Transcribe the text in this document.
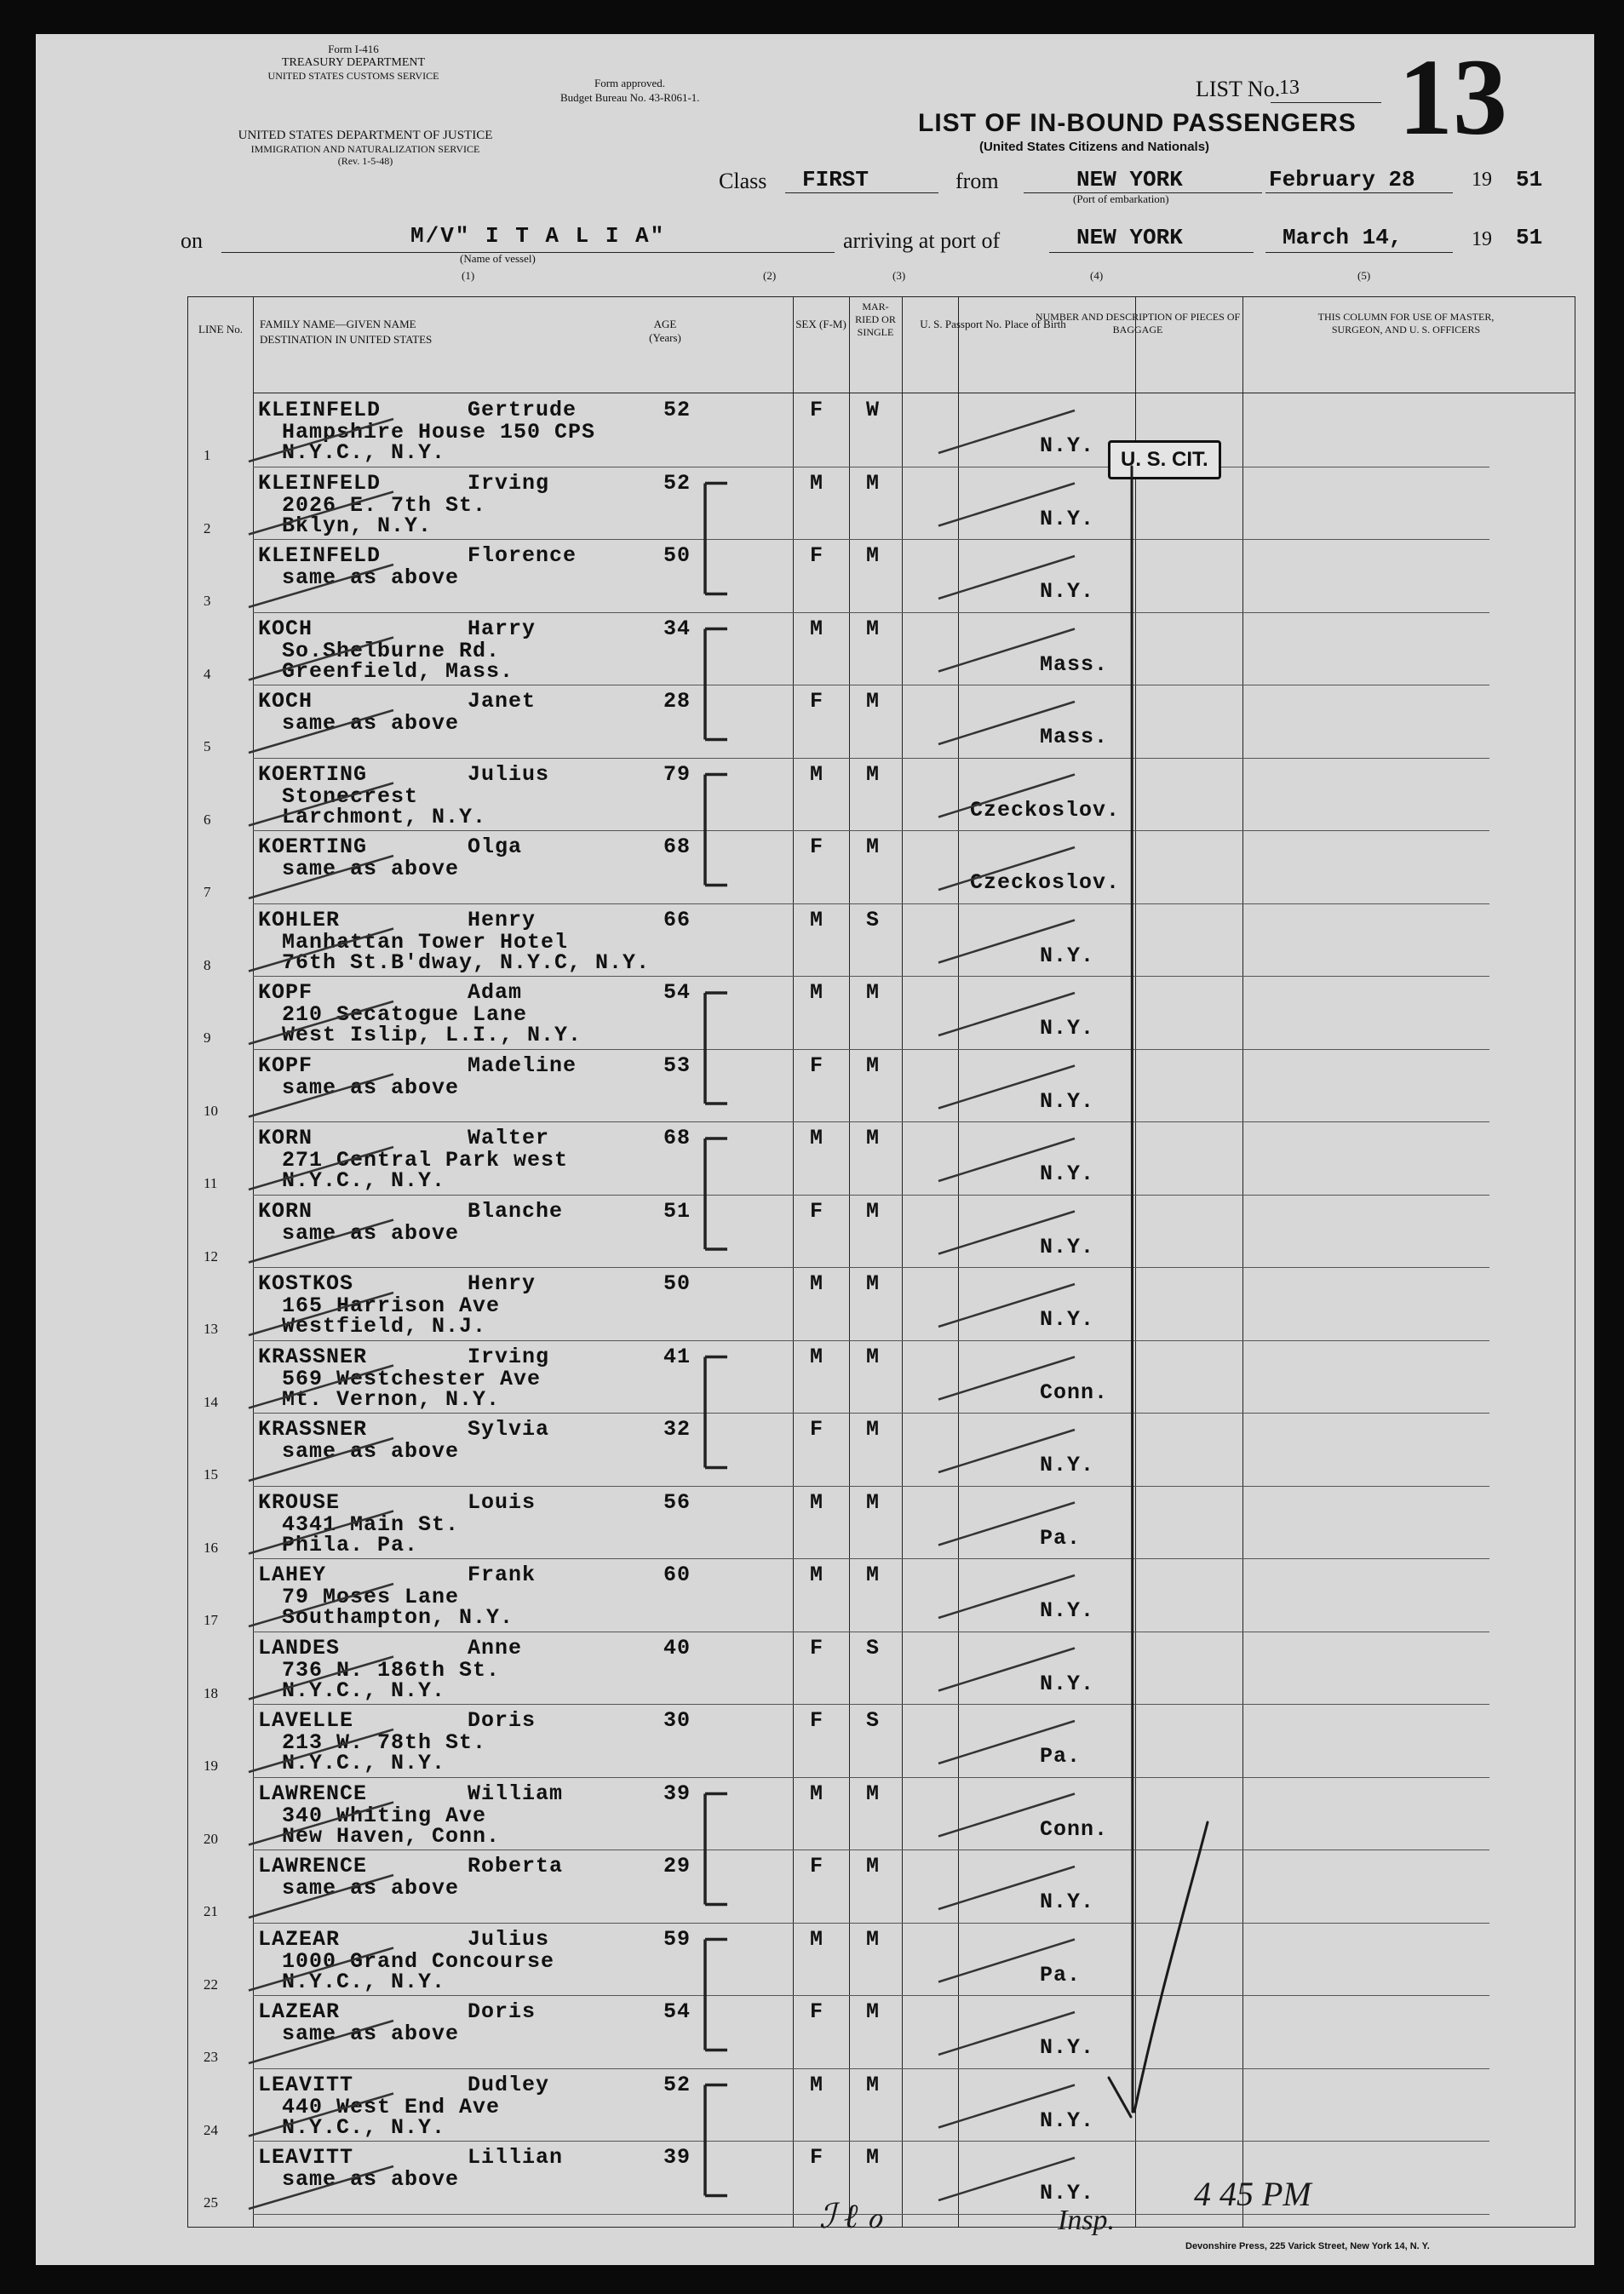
Form I-416
TREASURY DEPARTMENT
UNITED STATES CUSTOMS SERVICE
UNITED STATES DEPARTMENT OF JUSTICE
IMMIGRATION AND NATURALIZATION SERVICE
(Rev. 1-5-48)
Form approved.
Budget Bureau No. 43-R061-1.	LIST No.
13 13
LIST OF IN-BOUND PASSENGERS
(United States Citizens and Nationals)
Class FIRST	from	NEW YORK
(Port of embarkation)
February 28	19 51
on	M/V" I T A L I A"
(Name of vessel)
arriving at port of	NEW YORK	March 14,	19 51
(1)	(2)	(3)	(4)	(5)
LINE No.	FAMILY NAME—GIVEN NAME
DESTINATION IN UNITED STATES
AGE (Years)
SEX (F-M)
MAR- RIED OR SINGLE
U. S. Passport No. Place of Birth
NUMBER AND DESCRIPTION OF PIECES OF BAGGAGE
THIS COLUMN FOR USE OF MASTER, SURGEON, AND U. S. OFFICERS
1
KLEINFELD	Gertrude
Hampshire House 150 CPS
N.Y.C., N.Y.
52	F W
N.Y.
2
KLEINFELD	Irving
2026 E. 7th St.
Bklyn, N.Y.
52	M M
N.Y.
3
KLEINFELD	Florence
same as above
50	F M
N.Y.
4
KOCH	Harry
So.Shelburne Rd.
Greenfield, Mass.
34	M M
Mass.
5
KOCH	Janet
same as above
28	F M
Mass.
6
KOERTING	Julius
Stonecrest
Larchmont, N.Y.
79	M M
Czeckoslov.
7
KOERTING	Olga
same as above
68	F M
Czeckoslov.
8
KOHLER	Henry
Manhattan Tower Hotel
76th St.B'dway, N.Y.C, N.Y.
66	M S
N.Y.
9
KOPF	Adam
210 Secatogue Lane
West Islip, L.I., N.Y.
54	M M
N.Y.
10
KOPF	Madeline
same as above
53	F M
N.Y.
11
KORN	Walter
271 Central Park west
N.Y.C., N.Y.
68	M M
N.Y.
12
KORN	Blanche
same as above
51	F M
N.Y.
13
KOSTKOS	Henry
165 Harrison Ave
Westfield, N.J.
50	M M
N.Y.
14
KRASSNER	Irving
569 Westchester Ave
Mt. Vernon, N.Y.
41	M M
Conn.
15
KRASSNER	Sylvia
same as above
32	F M
N.Y.
16
KROUSE	Louis
4341 Main St.
Phila. Pa.
56	M M
Pa.
17
LAHEY	Frank
79 Moses Lane
Southampton, N.Y.
60	M M
N.Y.
18
LANDES	Anne
736 N. 186th St.
N.Y.C., N.Y.
40	F S
N.Y.
19
LAVELLE	Doris
213 W. 78th St.
N.Y.C., N.Y.
30	F S
Pa.
20
LAWRENCE	William
340 Whiting Ave
New Haven, Conn.
39	M M
Conn.
21
LAWRENCE	Roberta
same as above
29	F M
N.Y.
22
LAZEAR	Julius
1000 Grand Concourse
N.Y.C., N.Y.
59	M M
Pa.
23
LAZEAR	Doris
same as above
54	F M
N.Y.
24
LEAVITT	Dudley
440 West End Ave
N.Y.C., N.Y.
52	M M
N.Y.
25
LEAVITT	Lillian
same as above
39	F M
N.Y.
U. S. CIT.
ℐ ℓ ℴ	Insp.
4 45 PM
Devonshire Press, 225 Varick Street, New York 14, N. Y.
